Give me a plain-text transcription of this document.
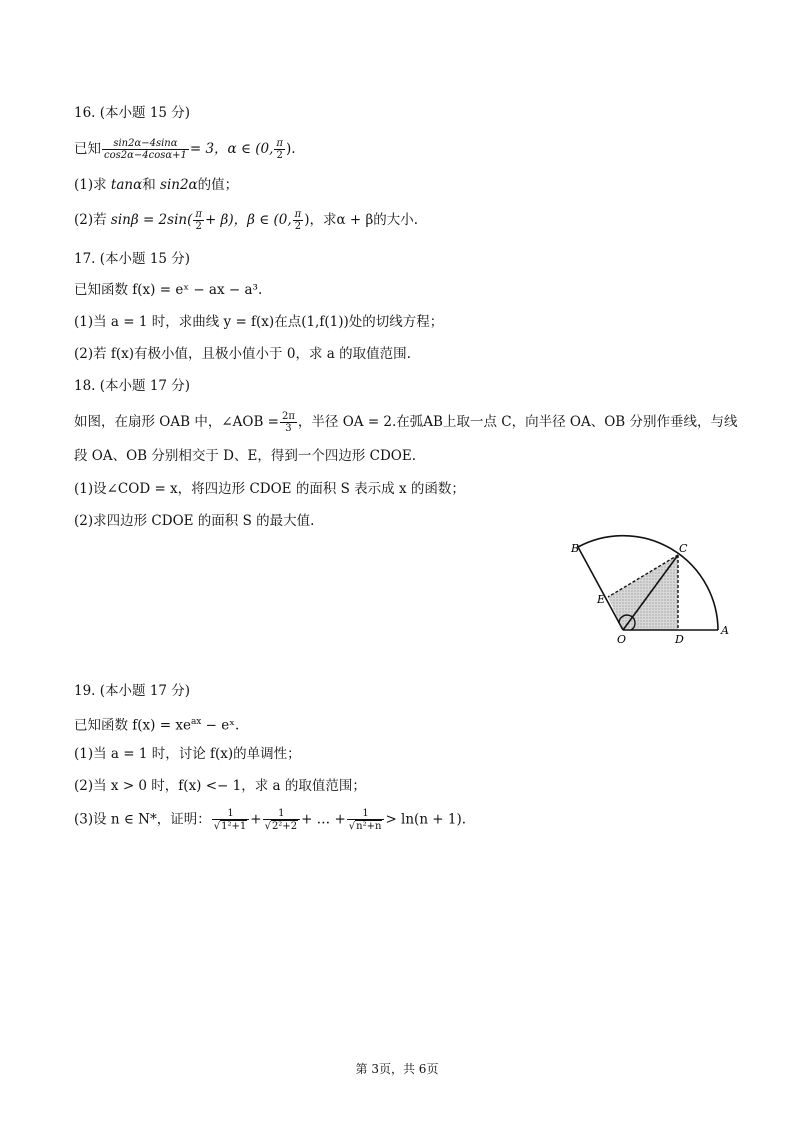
16. (本小题 15 分)
已知 $\frac{\sin 2\alpha-4\sin\alpha}{\cos 2\alpha-4\cos\alpha+1} = 3$，α ∈ (0, $\frac{\pi}{2}$ ).
(1)求 tanα和 sin2α的值；
(2)若 $\sin\beta = 2\sin( \frac{\pi}{2} + \beta)$，β ∈ (0, $\frac{\pi}{2}$ )，求α + β的大小.
17. (本小题 15 分)
已知函数 f(x) = eˣ − ax − a³.
(1)当 a = 1 时，求曲线 y = f(x)在点(1,f(1))处的切线方程；
(2)若 f(x)有极小值，且极小值小于 0，求 a 的取值范围.
18. (本小题 17 分)
如图，在扇形 OAB 中，∠AOB = $\frac{2\pi}{3}$ ，半径 OA = 2.在弧AB上取一点 C，向半径 OA、OB 分别作垂线，与线
段 OA、OB 分别相交于 D、E，得到一个四边形 CDOE.
(1)设∠COD = x，将四边形 CDOE 的面积 S 表示成 x 的函数；
(2)求四边形 CDOE 的面积 S 的最大值.
B	C
E
O	D
A
19. (本小题 17 分)
已知函数 $f(x) = xe^{ax}$ − eˣ.
(1)当 a = 1 时，讨论 f(x)的单调性；
(2)当 x > 0 时，f(x) <− 1，求 a 的取值范围；
(3)设 n ∈ N*，证明： $\frac{1}{\text{√1²+1}} + \frac{1}{\text{√2²+2}}$ + … + $\frac{1}{\text{√n²+n}} > \ln(n + 1)$.
第 3页，共 6页
